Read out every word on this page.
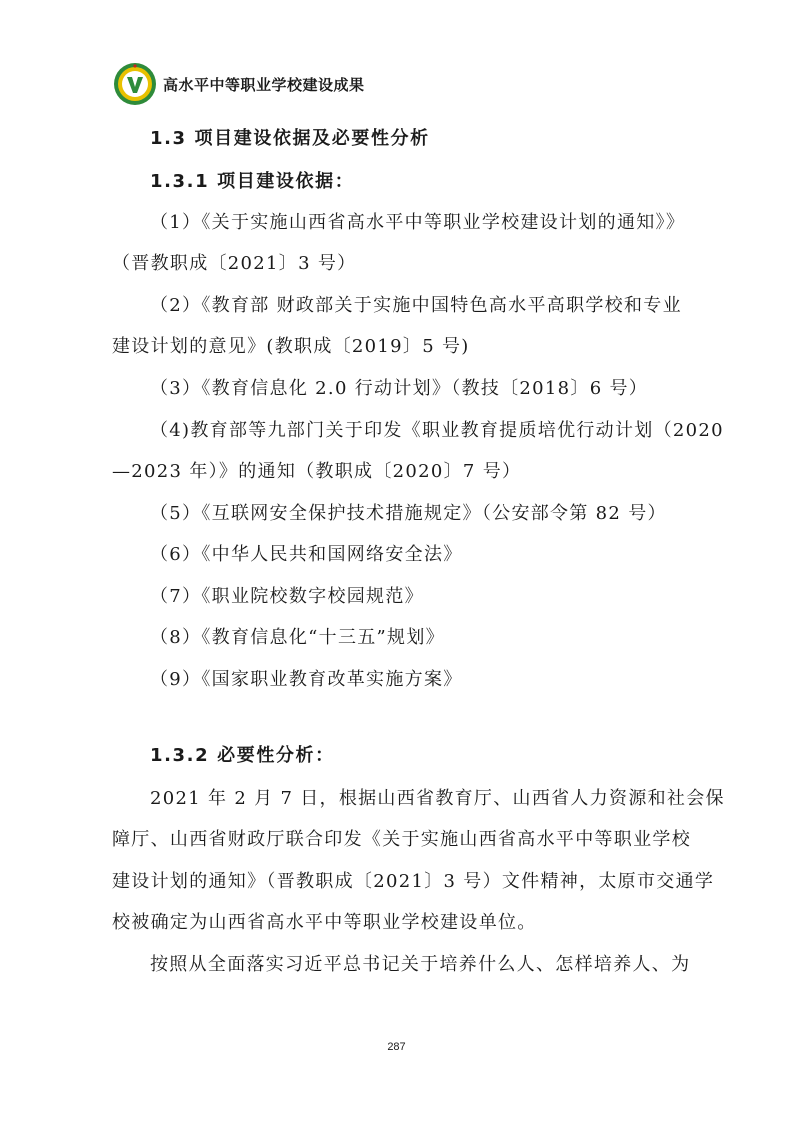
高水平中等职业学校建设成果
1.3 项目建设依据及必要性分析
1.3.1 项目建设依据：
（1）《关于实施山西省高水平中等职业学校建设计划的通知》》
（晋教职成〔2021〕3 号）
（2）《教育部 财政部关于实施中国特色高水平高职学校和专业
建设计划的意见》(教职成〔2019〕5 号)
（3）《教育信息化 2.0 行动计划》（教技〔2018〕6 号）
（4)教育部等九部门关于印发《职业教育提质培优行动计划（2020
—2023 年）》的通知（教职成〔2020〕7 号）
（5）《互联网安全保护技术措施规定》（公安部令第 82 号）
（6）《中华人民共和国网络安全法》
（7）《职业院校数字校园规范》
（8）《教育信息化“十三五”规划》
（9）《国家职业教育改革实施方案》
1.3.2 必要性分析：
2021 年 2 月 7 日，根据山西省教育厅、山西省人力资源和社会保
障厅、山西省财政厅联合印发《关于实施山西省高水平中等职业学校
建设计划的通知》（晋教职成〔2021〕3 号）文件精神，太原市交通学
校被确定为山西省高水平中等职业学校建设单位。
按照从全面落实习近平总书记关于培养什么人、怎样培养人、为
287
